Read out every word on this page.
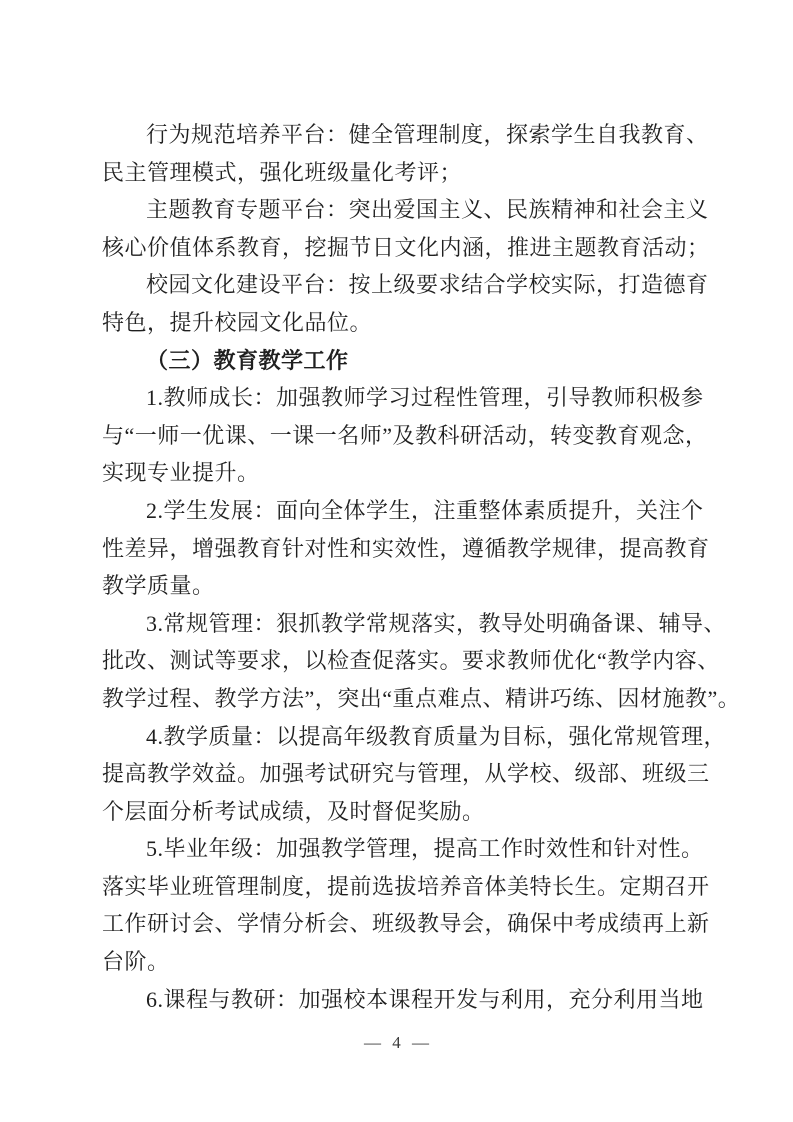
行为规范培养平台：健全管理制度，探索学生自我教育、
民主管理模式，强化班级量化考评；
主题教育专题平台：突出爱国主义、民族精神和社会主义
核心价值体系教育，挖掘节日文化内涵，推进主题教育活动；
校园文化建设平台：按上级要求结合学校实际，打造德育
特色，提升校园文化品位。
（三）教育教学工作
1.教师成长：加强教师学习过程性管理，引导教师积极参
与“一师一优课、一课一名师”及教科研活动，转变教育观念，
实现专业提升。
2.学生发展：面向全体学生，注重整体素质提升，关注个
性差异，增强教育针对性和实效性，遵循教学规律，提高教育
教学质量。
3.常规管理：狠抓教学常规落实，教导处明确备课、辅导、
批改、测试等要求，以检查促落实。要求教师优化“教学内容、
教学过程、教学方法”，突出“重点难点、精讲巧练、因材施教”。
4.教学质量：以提高年级教育质量为目标，强化常规管理，
提高教学效益。加强考试研究与管理，从学校、级部、班级三
个层面分析考试成绩，及时督促奖励。
5.毕业年级：加强教学管理，提高工作时效性和针对性。
落实毕业班管理制度，提前选拔培养音体美特长生。定期召开
工作研讨会、学情分析会、班级教导会，确保中考成绩再上新
台阶。
6.课程与教研：加强校本课程开发与利用，充分利用当地
— 4 —
